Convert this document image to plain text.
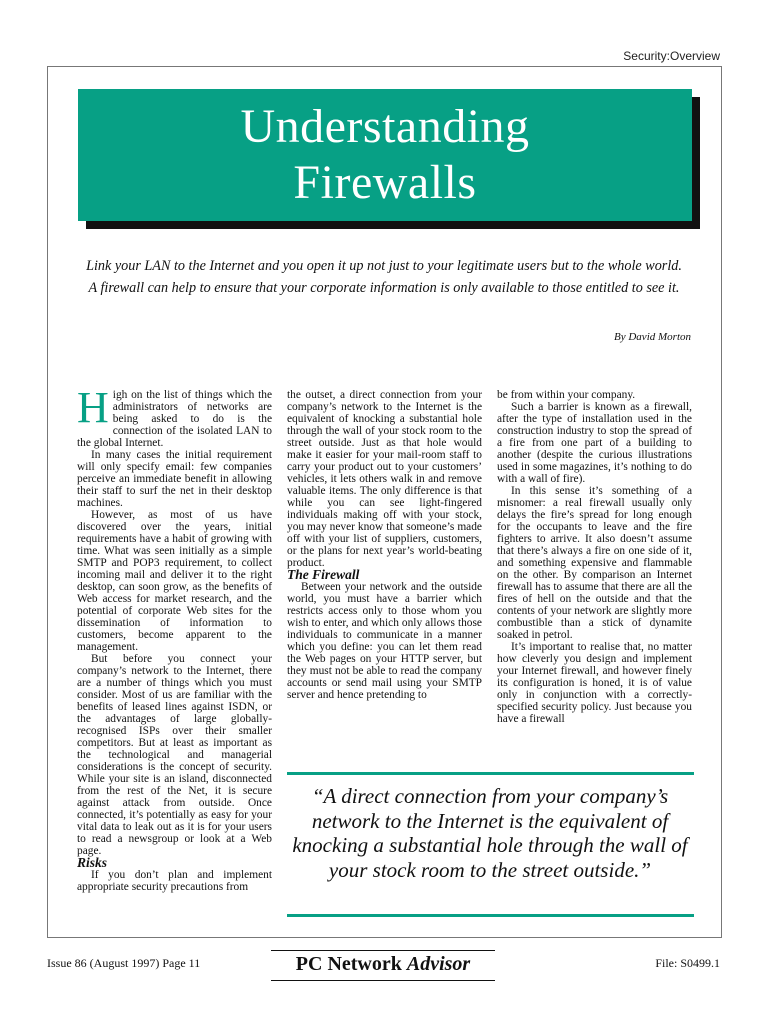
Security:Overview
Understanding
Firewalls
Link your LAN to the Internet and you open it up not just to your legitimate users but to the whole world. A firewall can help to ensure that your corporate information is only available to those entitled to see it.
By David Morton
H igh on the list of things which the administrators of networks are being asked to do is the connection of the isolated LAN to the global Internet.

In many cases the initial requirement will only specify email: few companies perceive an immediate benefit in allowing their staff to surf the net in their desktop machines.

However, as most of us have discovered over the years, initial requirements have a habit of growing with time. What was seen initially as a simple SMTP and POP3 requirement, to collect incoming mail and deliver it to the right desktop, can soon grow, as the benefits of Web access for market research, and the potential of corporate Web sites for the dissemination of information to customers, become apparent to the management.

But before you connect your company’s network to the Internet, there are a number of things which you must consider. Most of us are familiar with the benefits of leased lines against ISDN, or the advantages of large globally-recognised ISPs over their smaller competitors. But at least as important as the technological and managerial considerations is the concept of security. While your site is an island, disconnected from the rest of the Net, it is secure against attack from outside. Once connected, it’s potentially as easy for your vital data to leak out as it is for your users to read a newsgroup or look at a Web page.

Risks

If you don’t plan and implement appropriate security precautions from

the outset, a direct connection from your company’s network to the Internet is the equivalent of knocking a substantial hole through the wall of your stock room to the street outside. Just as that hole would make it easier for your mail-room staff to carry your product out to your customers’ vehicles, it lets others walk in and remove valuable items. The only difference is that while you can see light-fingered individuals making off with your stock, you may never know that someone’s made off with your list of suppliers, customers, or the plans for next year’s world-beating product.

The Firewall

Between your network and the outside world, you must have a barrier which restricts access only to those whom you wish to enter, and which only allows those individuals to communicate in a manner which you define: you can let them read the Web pages on your HTTP server, but they must not be able to read the company accounts or send mail using your SMTP server and hence pretending to

be from within your company.

Such a barrier is known as a firewall, after the type of installation used in the construction industry to stop the spread of a fire from one part of a building to another (despite the curious illustrations used in some magazines, it’s nothing to do with a wall of fire).

In this sense it’s something of a misnomer: a real firewall usually only delays the fire’s spread for long enough for the occupants to leave and the fire fighters to arrive. It also doesn’t assume that there’s always a fire on one side of it, and something expensive and flammable on the other. By comparison an Internet firewall has to assume that there are all the fires of hell on the outside and that the contents of your network are slightly more combustible than a stick of dynamite soaked in petrol.

It’s important to realise that, no matter how cleverly you design and implement your Internet firewall, and however finely its configuration is honed, it is of value only in conjunction with a correctly-specified security policy. Just because you have a firewall

“A direct connection from your company’s network to the Internet is the equivalent of knocking a substantial hole through the wall of your stock room to the street outside.”
Issue 86 (August 1997) Page 11	PC Network Advisor	File: S0499.1
